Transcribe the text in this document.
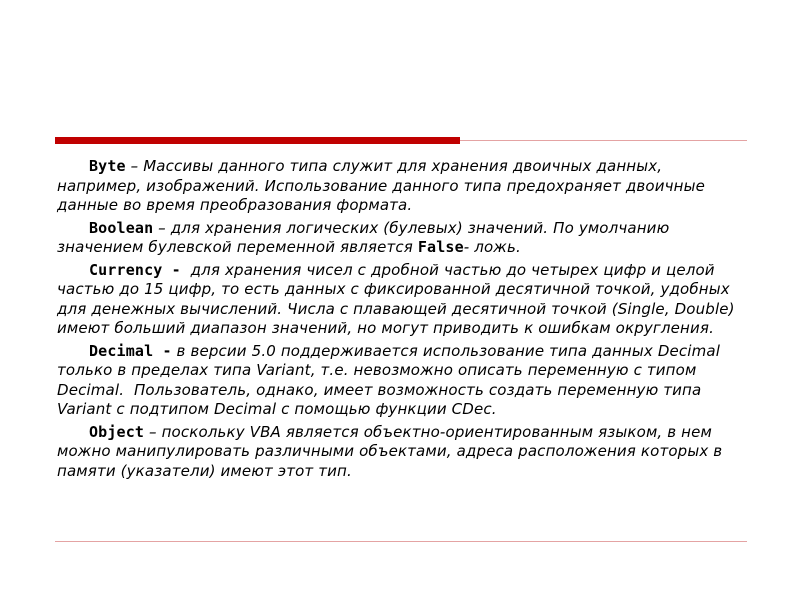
Byte – Массивы данного типа служит для хранения двоичных данных, например, изображений. Использование данного типа предохраняет двоичные данные во время преобразования формата.

Boolean – для хранения логических (булевых) значений. По умолчанию значением булевской переменной является False- ложь.

Currency -  для хранения чисел с дробной частью до четырех цифр и целой частью до 15 цифр, то есть данных с фиксированной десятичной точкой, удобных для денежных вычислений. Числа с плавающей десятичной точкой (Single, Double) имеют больший диапазон значений, но могут приводить к ошибкам округления.

Decimal - в версии 5.0 поддерживается использование типа данных Decimal только в пределах типа Variant, т.е. невозможно описать переменную с типом Decimal.  Пользователь, однако, имеет возможность создать переменную типа Variant с подтипом Decimal с помощью функции CDec.

Object – поскольку VBA является объектно-ориентированным языком, в нем можно манипулировать различными объектами, адреса расположения которых в памяти (указатели) имеют этот тип.
